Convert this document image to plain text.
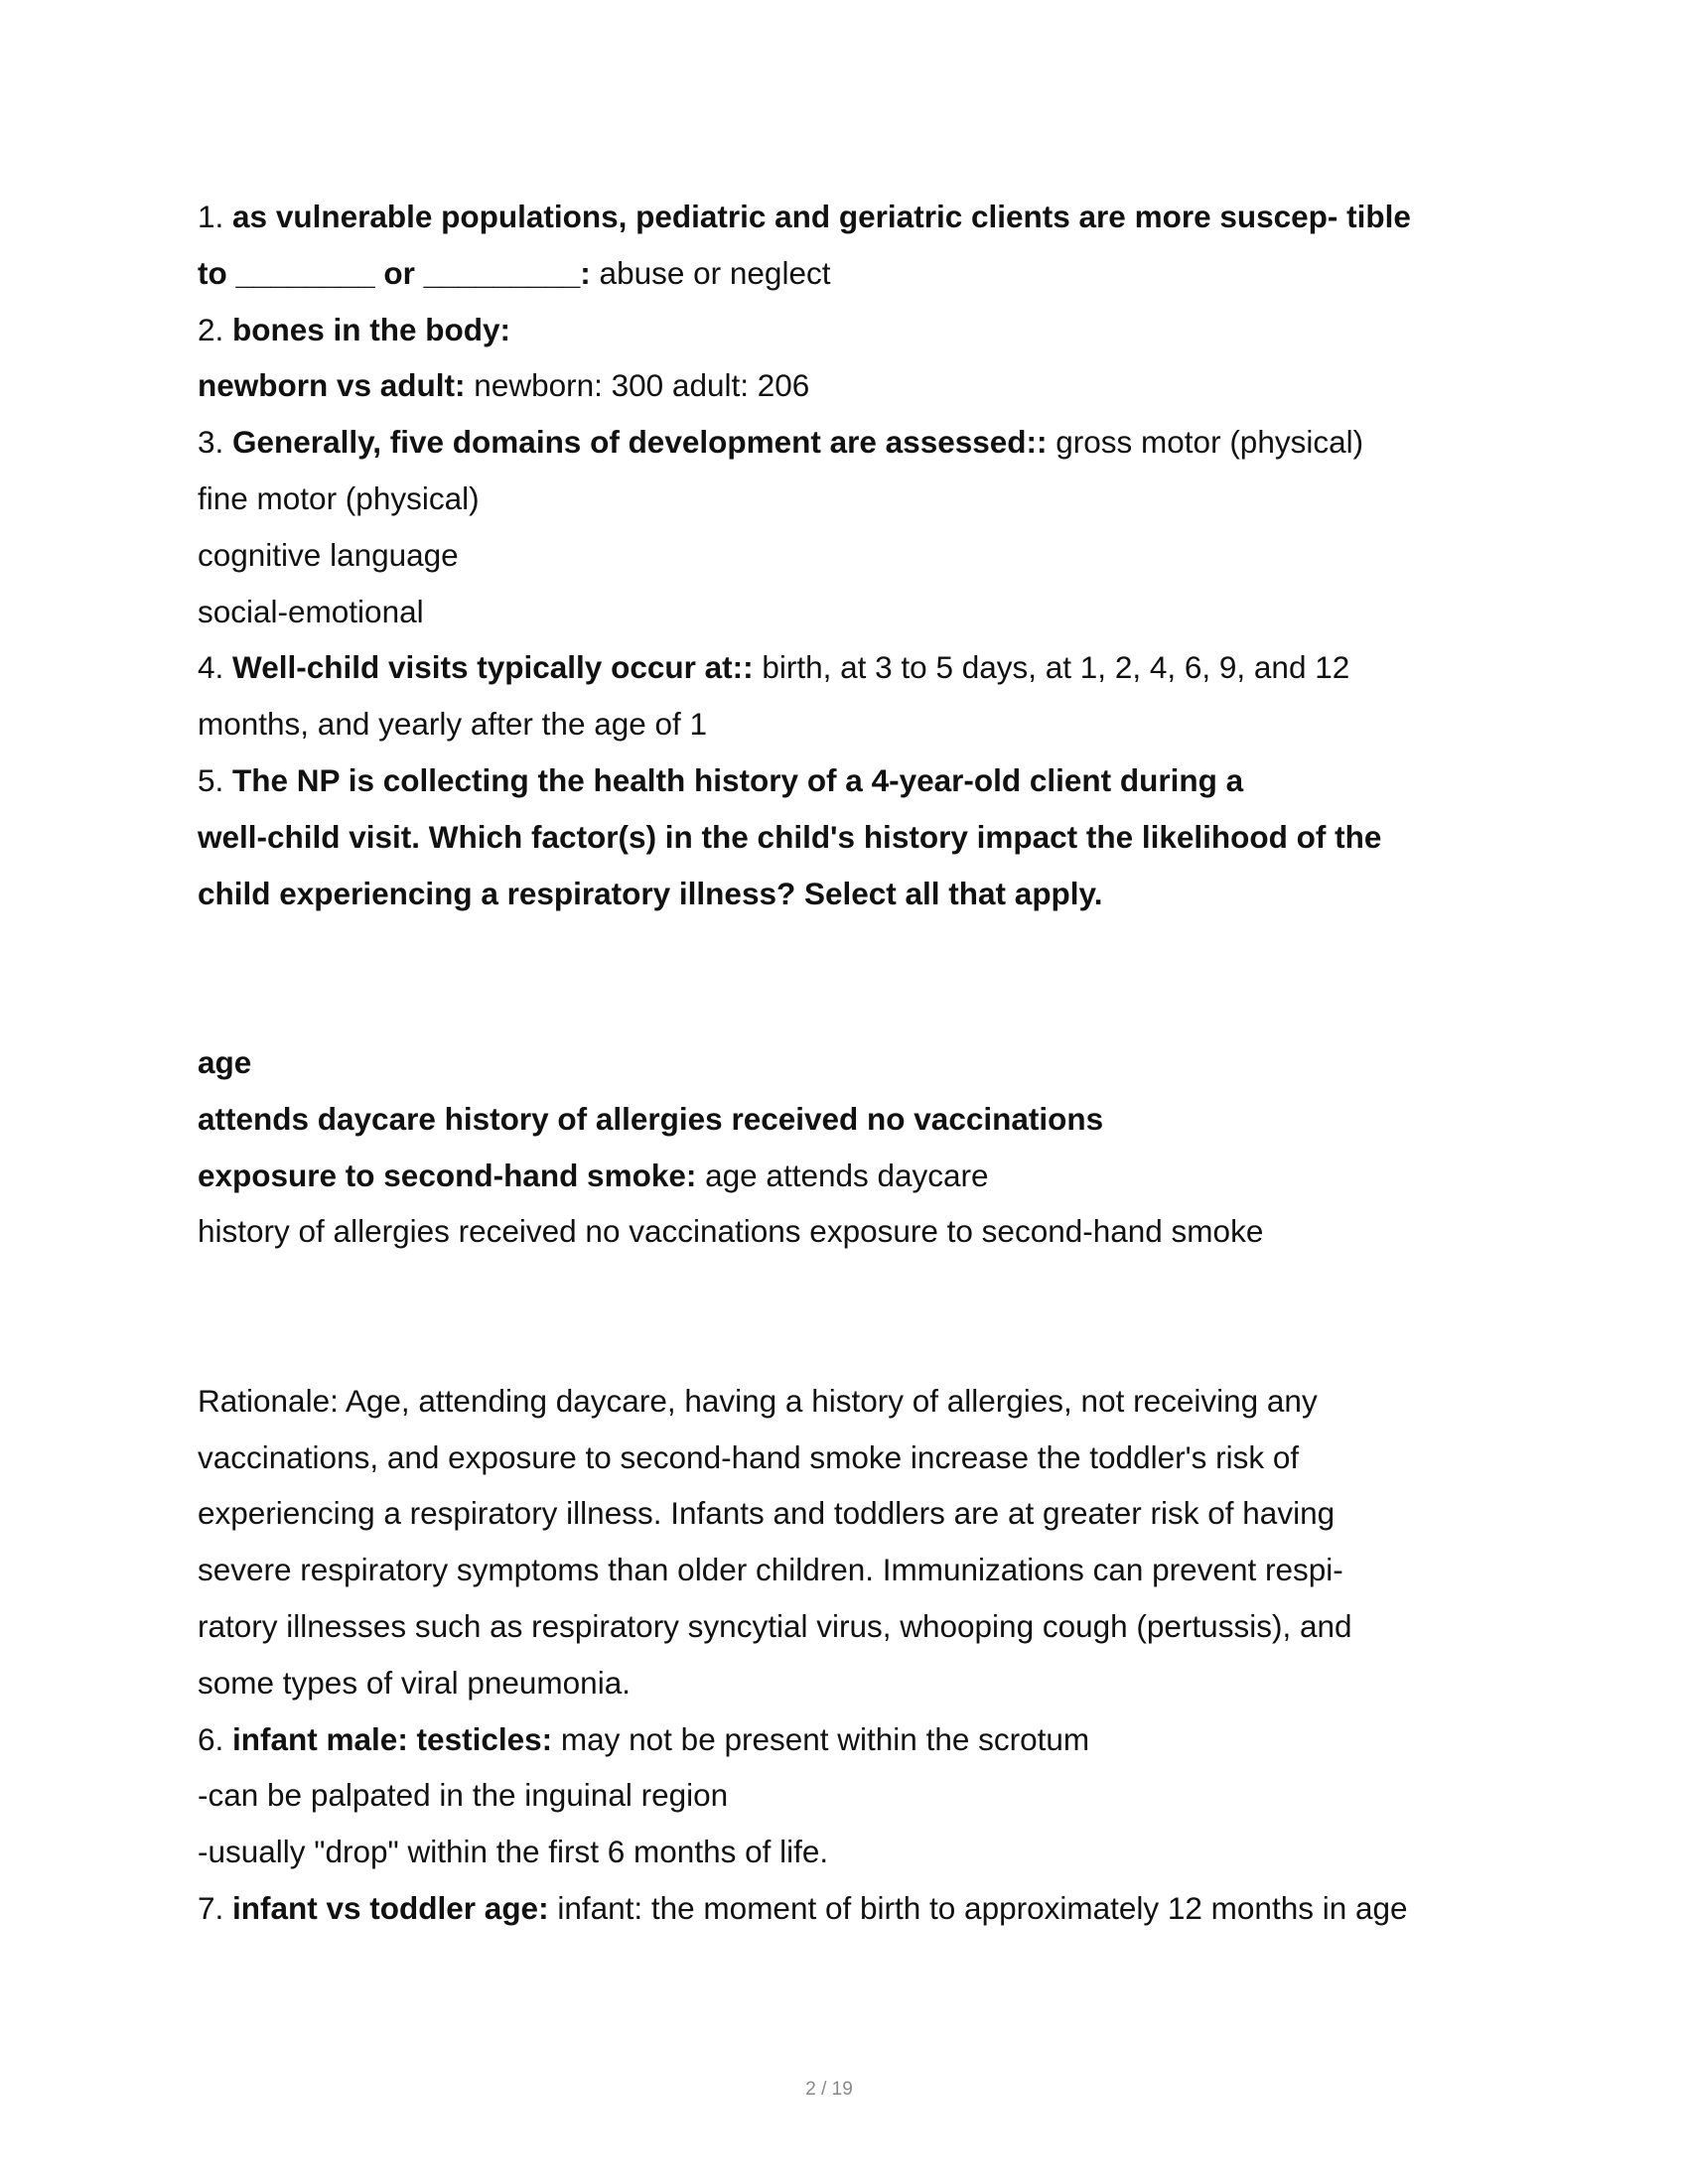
1. as vulnerable populations, pediatric and geriatric clients are more suscep- tible
to ________ or _________: abuse or neglect
2. bones in the body:
newborn vs adult: newborn: 300 adult: 206
3. Generally, five domains of development are assessed:: gross motor (physical)
fine motor (physical)
cognitive language
social-emotional
4. Well-child visits typically occur at:: birth, at 3 to 5 days, at 1, 2, 4, 6, 9, and 12
months, and yearly after the age of 1
5. The NP is collecting the health history of a 4-year-old client during a
well-child visit. Which factor(s) in the child's history impact the likelihood of the
child experiencing a respiratory illness? Select all that apply.
age
attends daycare history of allergies received no vaccinations
exposure to second-hand smoke: age attends daycare
history of allergies received no vaccinations exposure to second-hand smoke
Rationale: Age, attending daycare, having a history of allergies, not receiving any
vaccinations, and exposure to second-hand smoke increase the toddler's risk of
experiencing a respiratory illness. Infants and toddlers are at greater risk of having
severe respiratory symptoms than older children. Immunizations can prevent respi-
ratory illnesses such as respiratory syncytial virus, whooping cough (pertussis), and
some types of viral pneumonia.
6. infant male: testicles: may not be present within the scrotum
-can be palpated in the inguinal region
-usually "drop" within the first 6 months of life.
7. infant vs toddler age: infant: the moment of birth to approximately 12 months in age
2 / 19
